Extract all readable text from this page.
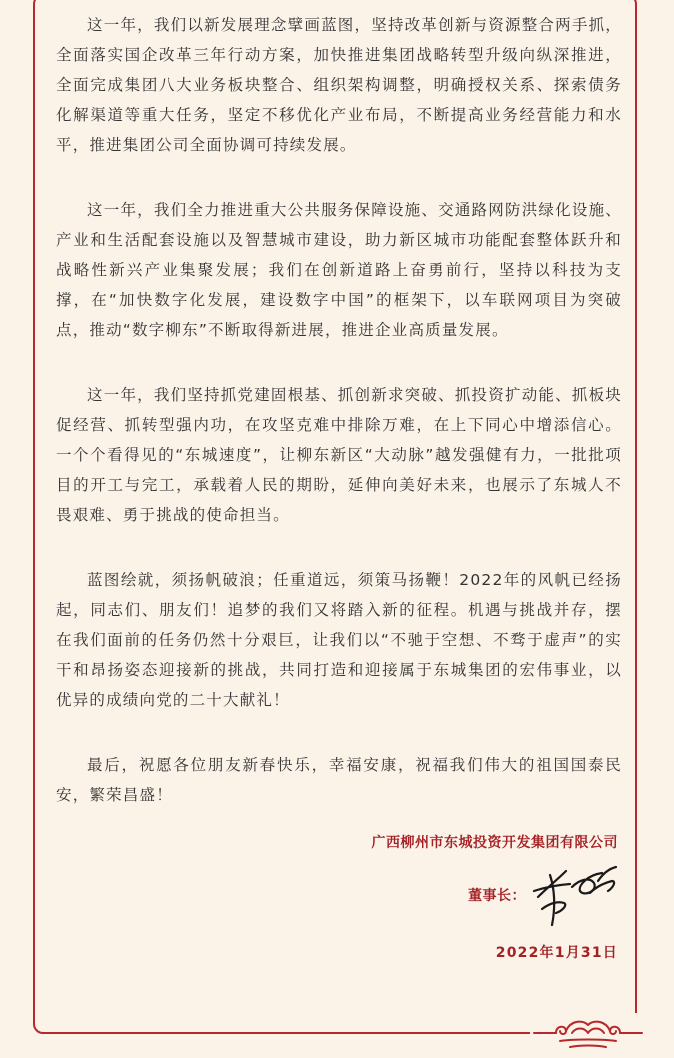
这一年，我们以新发展理念擘画蓝图，坚持改革创新与资源整合两手抓，全面落实国企改革三年行动方案，加快推进集团战略转型升级向纵深推进，全面完成集团八大业务板块整合、组织架构调整，明确授权关系、探索债务化解渠道等重大任务，坚定不移优化产业布局，不断提高业务经营能力和水平，推进集团公司全面协调可持续发展。

这一年，我们全力推进重大公共服务保障设施、交通路网防洪绿化设施、产业和生活配套设施以及智慧城市建设，助力新区城市功能配套整体跃升和战略性新兴产业集聚发展；我们在创新道路上奋勇前行，坚持以科技为支撑，在“加快数字化发展，建设数字中国”的框架下，以车联网项目为突破点，推动“数字柳东”不断取得新进展，推进企业高质量发展。

这一年，我们坚持抓党建固根基、抓创新求突破、抓投资扩动能、抓板块促经营、抓转型强内功，在攻坚克难中排除万难，在上下同心中增添信心。一个个看得见的“东城速度”，让柳东新区“大动脉”越发强健有力，一批批项目的开工与完工，承载着人民的期盼，延伸向美好未来，也展示了东城人不畏艰难、勇于挑战的使命担当。

蓝图绘就，须扬帆破浪；任重道远，须策马扬鞭！2022年的风帆已经扬起，同志们、朋友们！追梦的我们又将踏入新的征程。机遇与挑战并存，摆在我们面前的任务仍然十分艰巨，让我们以“不驰于空想、不骛于虚声”的实干和昂扬姿态迎接新的挑战，共同打造和迎接属于东城集团的宏伟事业，以优异的成绩向党的二十大献礼！

最后，祝愿各位朋友新春快乐，幸福安康，祝福我们伟大的祖国国泰民安，繁荣昌盛！

广西柳州市东城投资开发集团有限公司
董事长：
2022年1月31日
